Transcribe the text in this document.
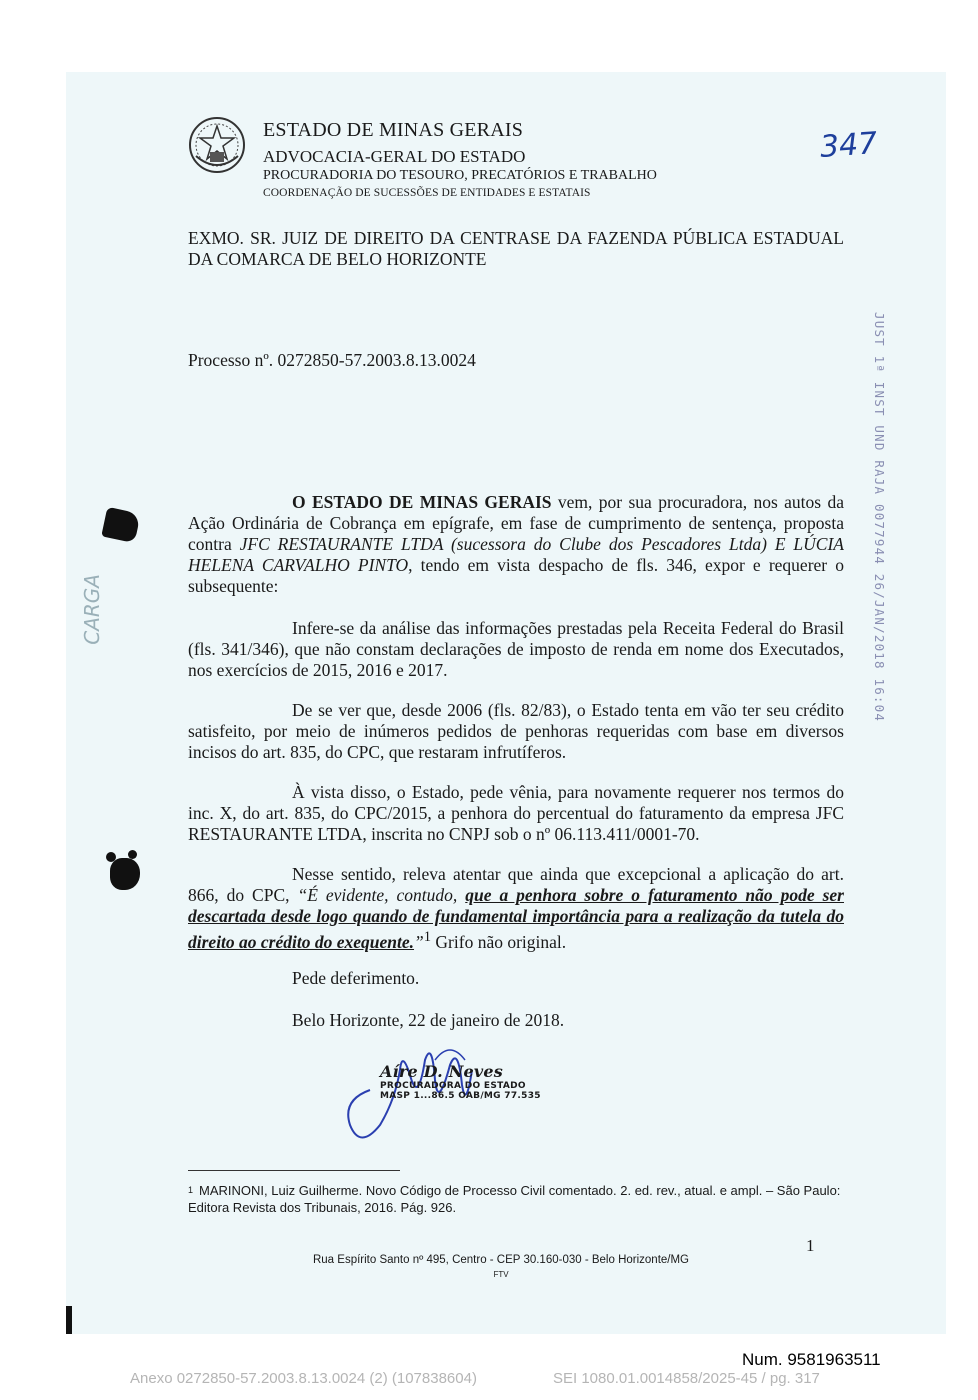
ESTADO DE MINAS GERAIS
ADVOCACIA-GERAL DO ESTADO
PROCURADORIA DO TESOURO, PRECATÓRIOS E TRABALHO
COORDENAÇÃO DE SUCESSÕES DE ENTIDADES E ESTATAIS
347
EXMO. SR. JUIZ DE DIREITO DA CENTRASE DA FAZENDA PÚBLICA ESTADUAL DA COMARCA DE BELO HORIZONTE
Processo nº. 0272850-57.2003.8.13.0024	JUST 1ª INST UND RAJA 0077944 26/JAN/2018 16:04
CARGA
O ESTADO DE MINAS GERAIS vem, por sua procuradora, nos autos da Ação Ordinária de Cobrança em epígrafe, em fase de cumprimento de sentença, proposta contra JFC RESTAURANTE LTDA (sucessora do Clube dos Pescadores Ltda) E LÚCIA HELENA CARVALHO PINTO, tendo em vista despacho de fls. 346, expor e requerer o subsequente:
Infere-se da análise das informações prestadas pela Receita Federal do Brasil (fls. 341/346), que não constam declarações de imposto de renda em nome dos Executados, nos exercícios de 2015, 2016 e 2017.
De se ver que, desde 2006 (fls. 82/83), o Estado tenta em vão ter seu crédito satisfeito, por meio de inúmeros pedidos de penhoras requeridas com base em diversos incisos do art. 835, do CPC, que restaram infrutíferos.
À vista disso, o Estado, pede vênia, para novamente requerer nos termos do inc. X, do art. 835, do CPC/2015, a penhora do percentual do faturamento da empresa JFC RESTAURANTE LTDA, inscrita no CNPJ sob o nº 06.113.411/0001-70.
Nesse sentido, releva atentar que ainda que excepcional a aplicação do art. 866, do CPC, “É evidente, contudo, que a penhora sobre o faturamento não pode ser descartada desde logo quando de fundamental importância para a realização da tutela do direito ao crédito do exequente.”$^1$ Grifo não original.
Pede deferimento.
Belo Horizonte, 22 de janeiro de 2018.
Aíre D. Neves
PROCURADORA DO ESTADO
MASP 1...86.5 OAB/MG 77.535
$^1$ MARINONI, Luiz Guilherme. Novo Código de Processo Civil comentado. 2. ed. rev., atual. e ampl. – São Paulo: Editora Revista dos Tribunais, 2016. Pág. 926.
1
Rua Espírito Santo nº 495, Centro - CEP 30.160-030 - Belo Horizonte/MG
FTV
Num. 9581963511
Anexo 0272850-57.2003.8.13.0024 (2) (107838604)	SEI 1080.01.0014858/2025-45 / pg. 317
